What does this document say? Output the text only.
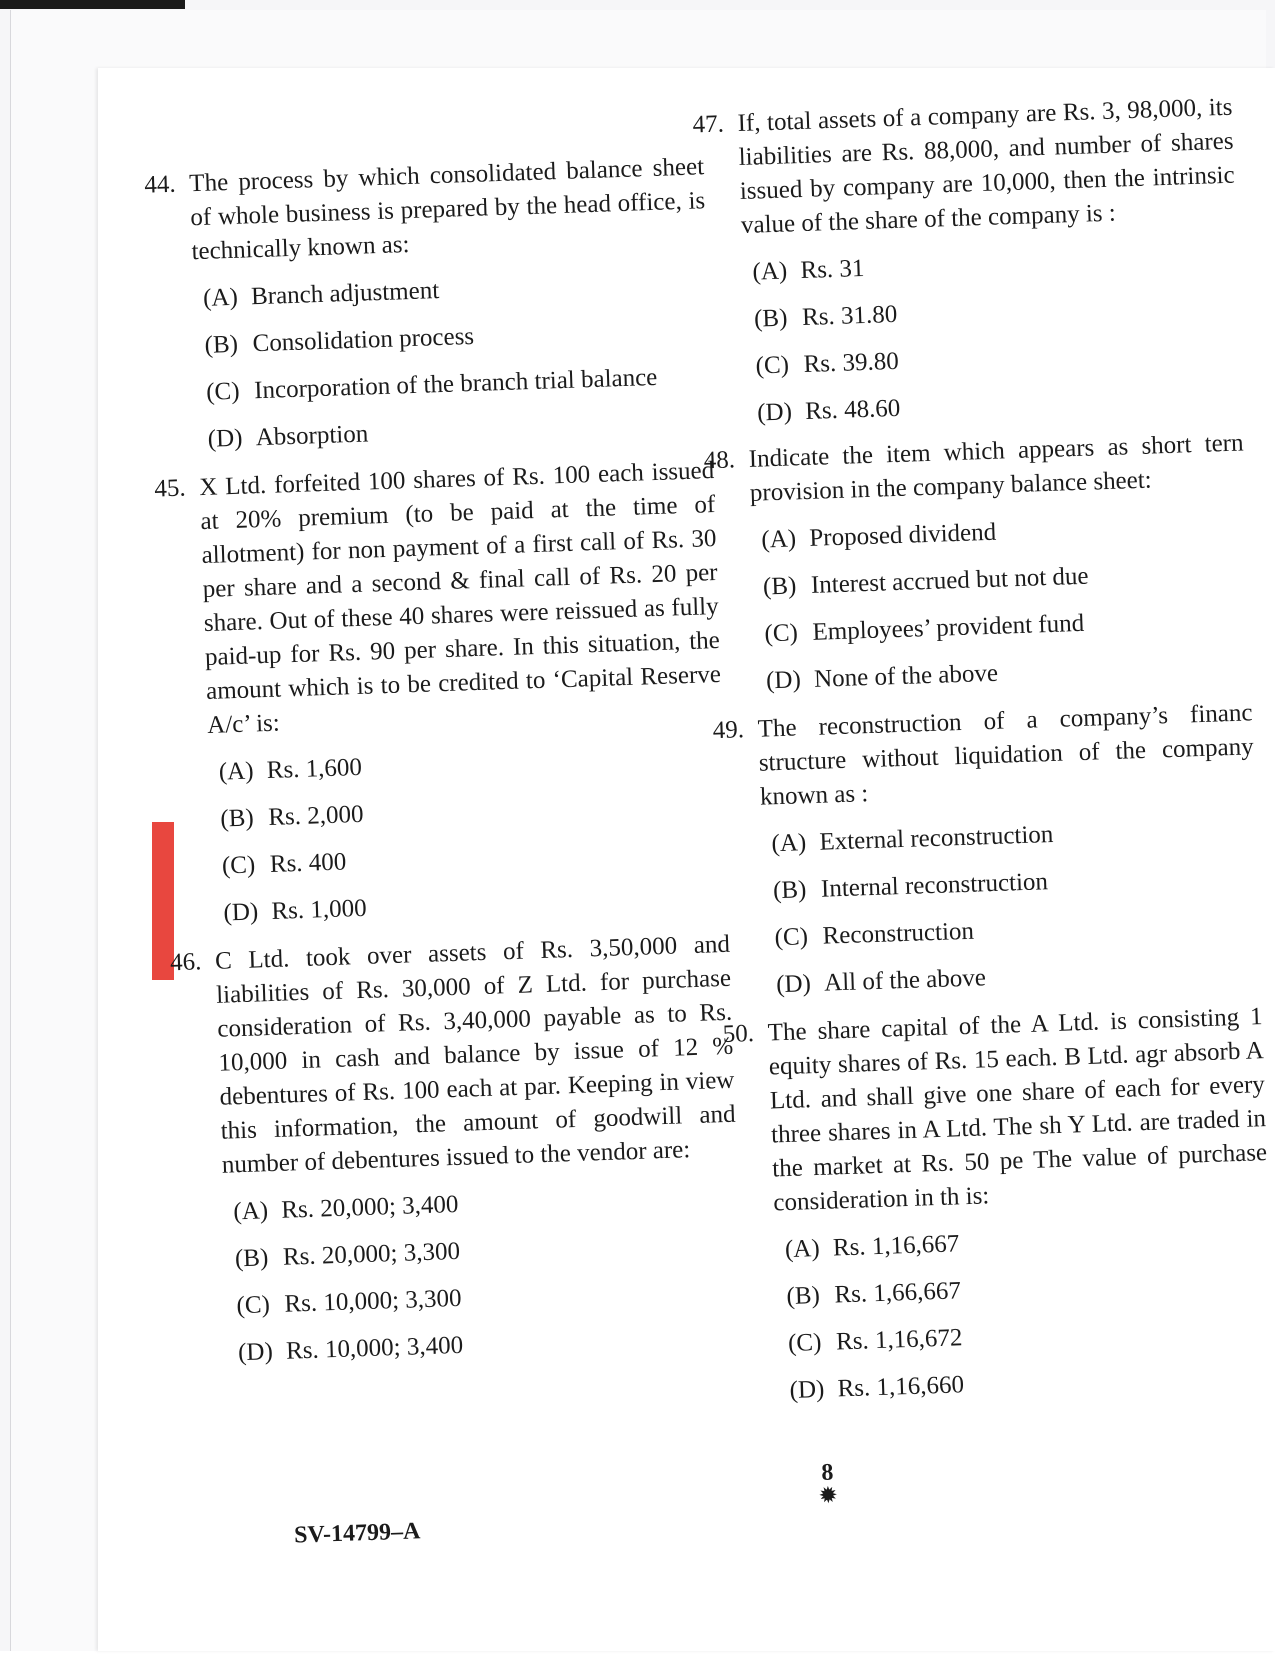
44. The process by which consolidated balance sheet of whole business is prepared by the head office, is technically known as:
(A) Branch adjustment
(B) Consolidation process
(C) Incorporation of the branch trial balance
(D) Absorption
45. X Ltd. forfeited 100 shares of Rs. 100 each issued at 20% premium (to be paid at the time of allotment) for non payment of a first call of Rs. 30 per share and a second & final call of Rs. 20 per share. Out of these 40 shares were reissued as fully paid-up for Rs. 90 per share. In this situation, the amount which is to be credited to ‘Capital Reserve A/c’ is:
(A) Rs. 1,600
(B) Rs. 2,000
(C) Rs. 400
(D) Rs. 1,000
46. C Ltd. took over assets of Rs. 3,50,000 and liabilities of Rs. 30,000 of Z Ltd. for purchase consideration of Rs. 3,40,000 payable as to Rs. 10,000 in cash and balance by issue of 12 % debentures of Rs. 100 each at par. Keeping in view this information, the amount of goodwill and number of debentures issued to the vendor are:
(A) Rs. 20,000; 3,400
(B) Rs. 20,000; 3,300
(C) Rs. 10,000; 3,300
(D) Rs. 10,000; 3,400
47. If, total assets of a company are Rs. 3, 98,000, its liabilities are Rs. 88,000, and number of shares issued by company are 10,000, then the intrinsic value of the share of the company is :
(A) Rs. 31
(B) Rs. 31.80
(C) Rs. 39.80
(D) Rs. 48.60
48. Indicate the item which appears as short tern provision in the company balance sheet:
(A) Proposed dividend
(B) Interest accrued but not due
(C) Employees’ provident fund
(D) None of the above
49. The reconstruction of a company’s financ structure without liquidation of the company known as :
(A) External reconstruction
(B) Internal reconstruction
(C) Reconstruction
(D) All of the above
50. The share capital of the A Ltd. is consisting 1 equity shares of Rs. 15 each. B Ltd. agr absorb A Ltd. and shall give one share of each for every three shares in A Ltd. The sh Y Ltd. are traded in the market at Rs. 50 pe The value of purchase consideration in th is:
(A) Rs. 1,16,667
(B) Rs. 1,66,667
(C) Rs. 1,16,672
(D) Rs. 1,16,660
8
✹
SV-14799–A
